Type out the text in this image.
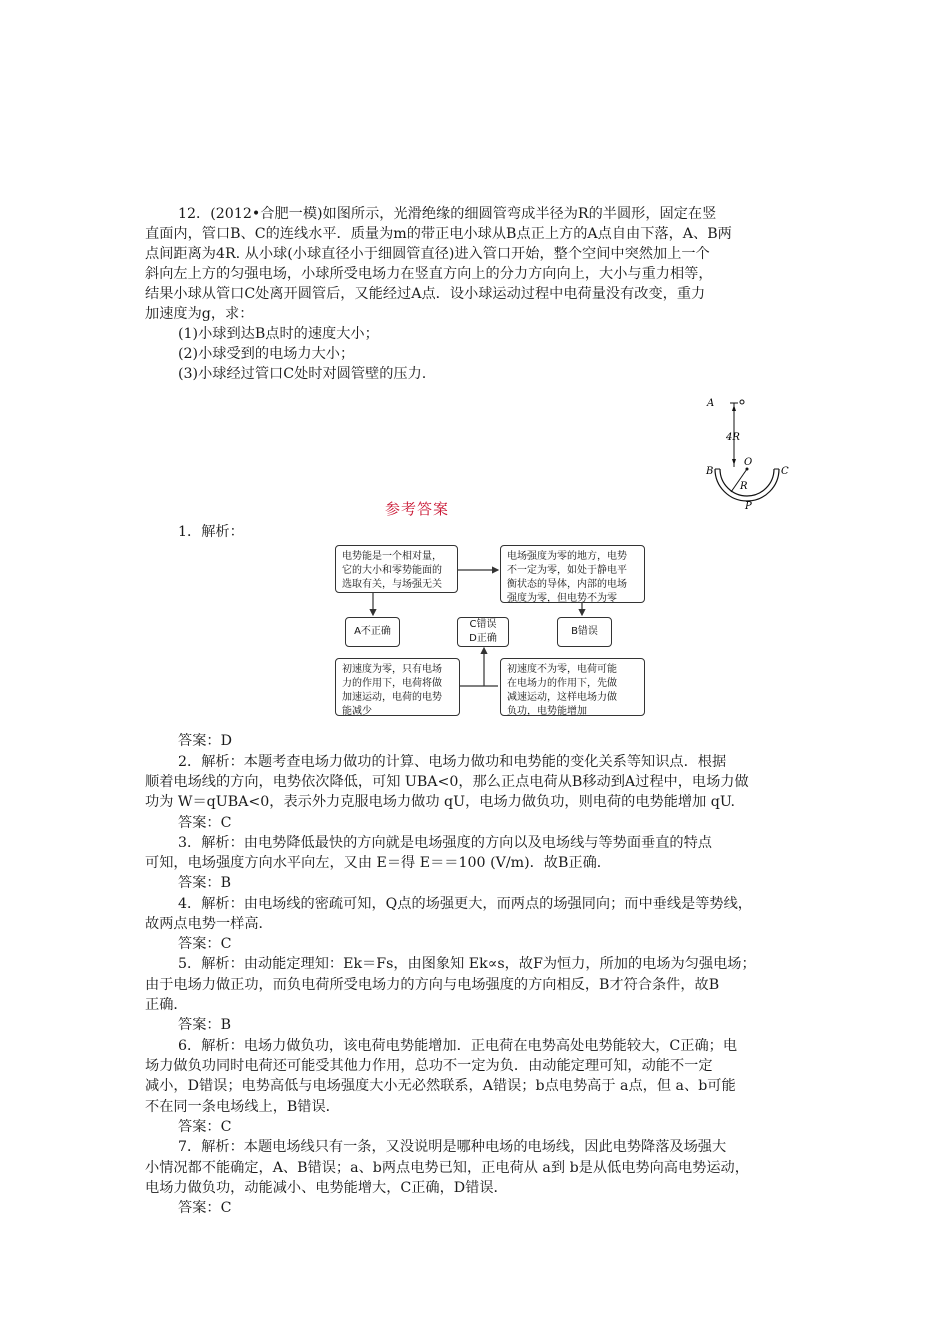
12．(2012•合肥一模)如图所示，光滑绝缘的细圆管弯成半径为R的半圆形，固定在竖
直面内，管口B、C的连线水平．质量为m的带正电小球从B点正上方的A点自由下落，A、B两
点间距离为4R. 从小球(小球直径小于细圆管直径)进入管口开始，整个空间中突然加上一个
斜向左上方的匀强电场，小球所受电场力在竖直方向上的分力方向向上，大小与重力相等，
结果小球从管口C处离开圆管后，又能经过A点．设小球运动过程中电荷量没有改变，重力
加速度为g，求：
(1)小球到达B点时的速度大小；
(2)小球受到的电场力大小；
(3)小球经过管口C处时对圆管壁的压力.
4R
A
B
O
C
R
P
参考答案
1．解析：
电势能是一个相对量，
它的大小和零势能面的
选取有关，与场强无关
电场强度为零的地方，电势
不一定为零，如处于静电平
衡状态的导体，内部的电场
强度为零，但电势不为零
A不正确
C错误
D正确
B错误
初速度为零，只有电场
力的作用下，电荷将做
加速运动，电荷的电势
能减少
初速度不为零，电荷可能
在电场力的作用下，先做
减速运动，这样电场力做
负功，电势能增加
答案：D
2．解析：本题考查电场力做功的计算、电场力做功和电势能的变化关系等知识点．根据
顺着电场线的方向，电势依次降低，可知 UBA<0，那么正点电荷从B移动到A过程中，电场力做
功为 W＝qUBA<0，表示外力克服电场力做功 qU，电场力做负功，则电荷的电势能增加 qU.
答案：C
3．解析：由电势降低最快的方向就是电场强度的方向以及电场线与等势面垂直的特点
可知，电场强度方向水平向左，又由 E＝得 E＝＝100 (V/m)．故B正确．
答案：B
4．解析：由电场线的密疏可知，Q点的场强更大，而两点的场强同向；而中垂线是等势线，
故两点电势一样高．
答案：C
5．解析：由动能定理知：Ek＝Fs，由图象知 Ek∝s，故F为恒力，所加的电场为匀强电场；
由于电场力做正功，而负电荷所受电场力的方向与电场强度的方向相反，B才符合条件，故B
正确．
答案：B
6．解析：电场力做负功，该电荷电势能增加．正电荷在电势高处电势能较大，C正确；电
场力做负功同时电荷还可能受其他力作用，总功不一定为负．由动能定理可知，动能不一定
减小，D错误；电势高低与电场强度大小无必然联系，A错误；b点电势高于 a点，但 a、b可能
不在同一条电场线上，B错误．
答案：C
7．解析：本题电场线只有一条，又没说明是哪种电场的电场线，因此电势降落及场强大
小情况都不能确定，A、B错误；a、b两点电势已知，正电荷从 a到 b是从低电势向高电势运动，
电场力做负功，动能减小、电势能增大，C正确，D错误．
答案：C
